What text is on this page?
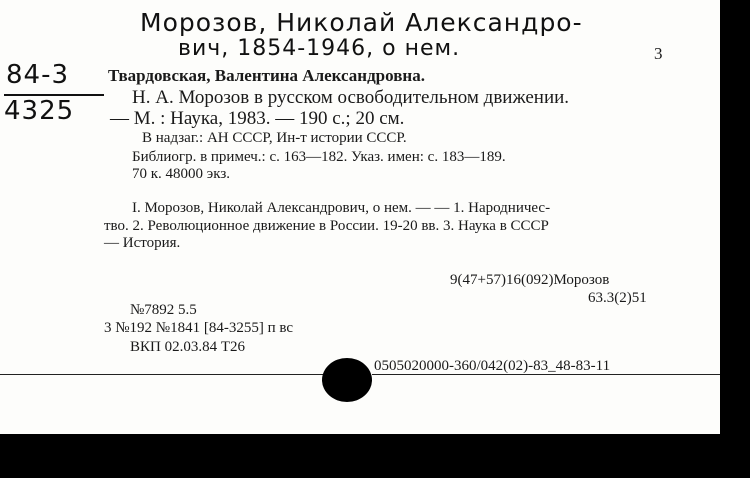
Морозов, Николай Александро-
вич, 1854-1946, о нем.
84-3
4325
3
Твардовская, Валентина Александровна.
Н. А. Морозов в русском освободительном движении.
— М. : Наука, 1983. — 190 с.; 20 см.
В надзаг.: АН СССР, Ин-т истории СССР.
Библиогр. в примеч.: с. 163—182. Указ. имен: с. 183—189.
70 к. 48000 экз.
I. Морозов, Николай Александрович, о нем. — — 1. Народничес-
тво. 2. Революционное движение в России. 19-20 вв. 3. Наука в СССР
— История.
9(47+57)16(092)Морозов
63.3(2)51
№7892 5.5
3 №192 №1841 [84-3255] п вс
ВКП 02.03.84 Т26
0505020000-360/042(02)-83_48-83-11
